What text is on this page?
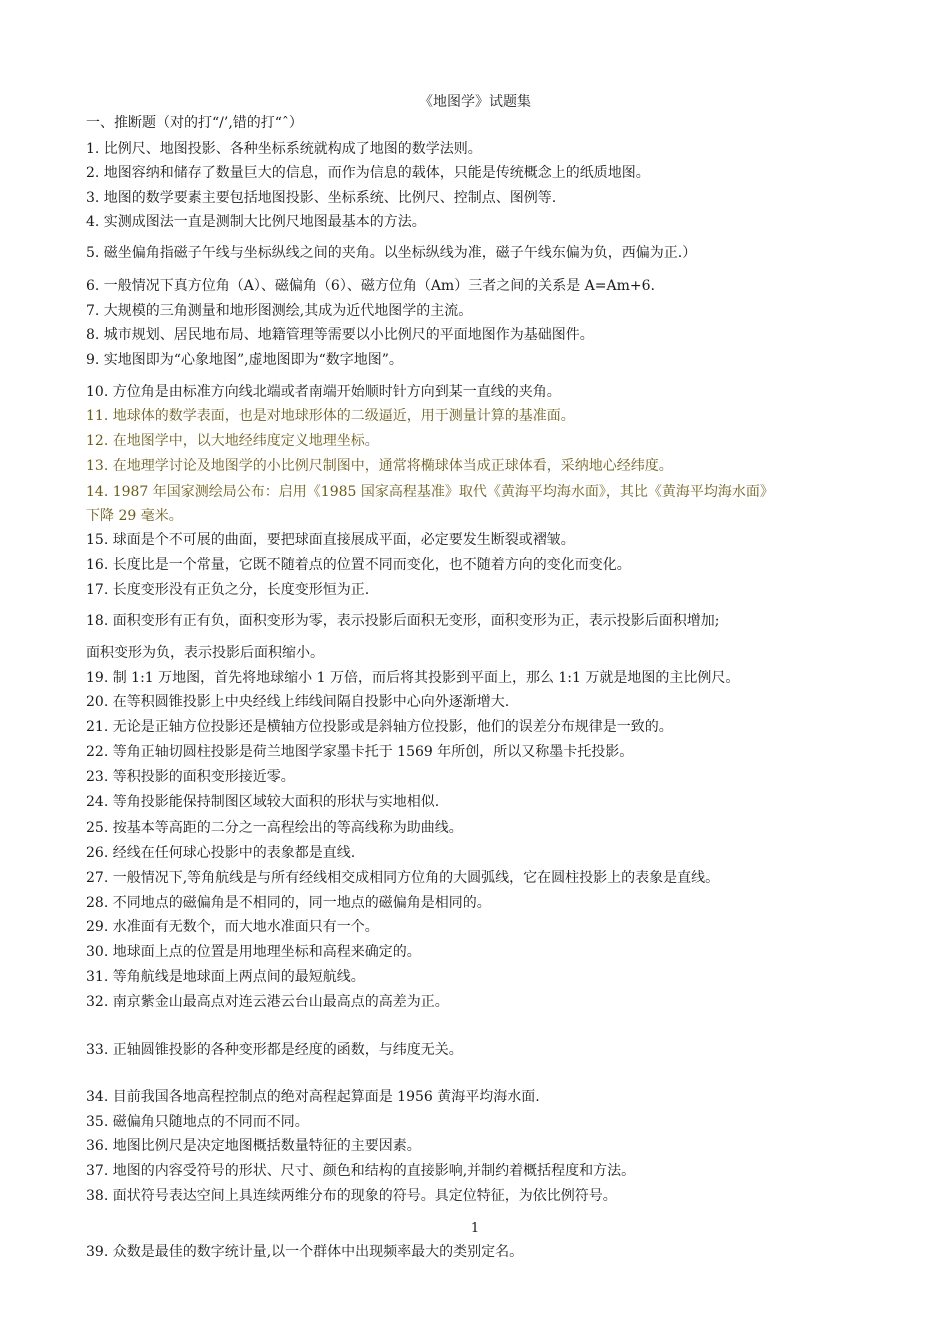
《地图学》试题集
一、推断题（对的打“/’,错的打“ˆ）
1. 比例尺、地图投影、各种坐标系统就构成了地图的数学法则。
2. 地图容纳和储存了数量巨大的信息，而作为信息的载体，只能是传统概念上的纸质地图。
3. 地图的数学要素主要包括地图投影、坐标系统、比例尺、控制点、图例等.
4. 实测成图法一直是测制大比例尺地图最基本的方法。
5. 磁坐偏角指磁子午线与坐标纵线之间的夹角。以坐标纵线为准，磁子午线东偏为负，西偏为正.）
6. 一般情况下真方位角（A）、磁偏角（6）、磁方位角（Am）三者之间的关系是 A=Am+6.
7. 大规模的三角测量和地形图测绘,其成为近代地图学的主流。
8. 城市规划、居民地布局、地籍管理等需要以小比例尺的平面地图作为基础图件。
9. 实地图即为“心象地图”,虚地图即为“数字地图”。
10. 方位角是由标准方向线北端或者南端开始顺时针方向到某一直线的夹角。
11. 地球体的数学表面，也是对地球形体的二级逼近，用于测量计算的基准面。
12. 在地图学中，以大地经纬度定义地理坐标。
13. 在地理学讨论及地图学的小比例尺制图中，通常将椭球体当成正球体看，采纳地心经纬度。
14. 1987 年国家测绘局公布：启用《1985 国家高程基准》取代《黄海平均海水面》，其比《黄海平均海水面》
下降 29 毫米。
15. 球面是个不可展的曲面，要把球面直接展成平面，必定要发生断裂或褶皱。
16. 长度比是一个常量，它既不随着点的位置不同而变化，也不随着方向的变化而变化。
17. 长度变形没有正负之分，长度变形恒为正.
18. 面积变形有正有负，面积变形为零，表示投影后面积无变形，面积变形为正，表示投影后面积增加;
面积变形为负，表示投影后面积缩小。
19. 制 1:1 万地图，首先将地球缩小 1 万倍，而后将其投影到平面上，那么 1:1 万就是地图的主比例尺。
20. 在等积圆锥投影上中央经线上纬线间隔自投影中心向外逐渐增大.
21. 无论是正轴方位投影还是横轴方位投影或是斜轴方位投影，他们的误差分布规律是一致的。
22. 等角正轴切圆柱投影是荷兰地图学家墨卡托于 1569 年所创，所以又称墨卡托投影。
23. 等积投影的面积变形接近零。
24. 等角投影能保持制图区域较大面积的形状与实地相似.
25. 按基本等高距的二分之一高程绘出的等高线称为助曲线。
26. 经线在任何球心投影中的表象都是直线.
27. 一般情况下,等角航线是与所有经线相交成相同方位角的大圆弧线，它在圆柱投影上的表象是直线。
28. 不同地点的磁偏角是不相同的，同一地点的磁偏角是相同的。
29. 水准面有无数个，而大地水准面只有一个。
30. 地球面上点的位置是用地理坐标和高程来确定的。
31. 等角航线是地球面上两点间的最短航线。
32. 南京紫金山最高点对连云港云台山最高点的高差为正。
33. 正轴圆锥投影的各种变形都是经度的函数，与纬度无关。
34. 目前我国各地高程控制点的绝对高程起算面是 1956 黄海平均海水面.
35. 磁偏角只随地点的不同而不同。
36. 地图比例尺是决定地图概括数量特征的主要因素。
37. 地图的内容受符号的形状、尺寸、颜色和结构的直接影响,并制约着概括程度和方法。
38. 面状符号表达空间上具连续两维分布的现象的符号。具定位特征，为依比例符号。
1
39. 众数是最佳的数字统计量,以一个群体中出现频率最大的类别定名。
